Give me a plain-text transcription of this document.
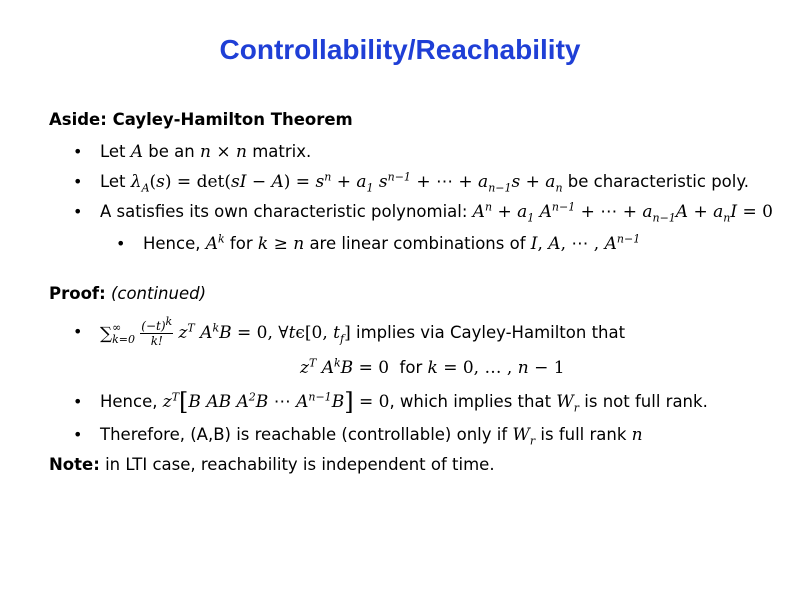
Controllability/Reachability
Aside: Cayley-Hamilton Theorem
• Let A be an n × n matrix.
• Let $\lambda_A(s) = \det(sI - A) = s^n + a_1$ $s^{n-1}$ + ⋯ + $a_{n-1}s + a_n$ be characteristic poly.
• A satisfies its own characteristic polynomial: $A^n + a_1$ $A^{n-1}$ + ⋯ + $a_{n-1}A + a_nI = 0$
• Hence, $A^k$ for k ≥ n are linear combinations of I, A, ⋯ , $A^{n-1}$
Proof: (continued)
• ∑ ∞
k=0
$\frac{(-t)^k}{k!} z^T$ $A^kB = 0$, ∀tϵ[0, $t_f$] implies via Cayley-Hamilton that
$z^T$ $A^kB = 0$ for k = 0, … , n − 1
• Hence, $z^T[B$ AB $A^2B$ ⋯ $A^{n-1}B] = 0$, which implies that $W_r$ is not full rank.
• Therefore, (A,B) is reachable (controllable) only if $W_r$ is full rank n
Note: in LTI case, reachability is independent of time.
